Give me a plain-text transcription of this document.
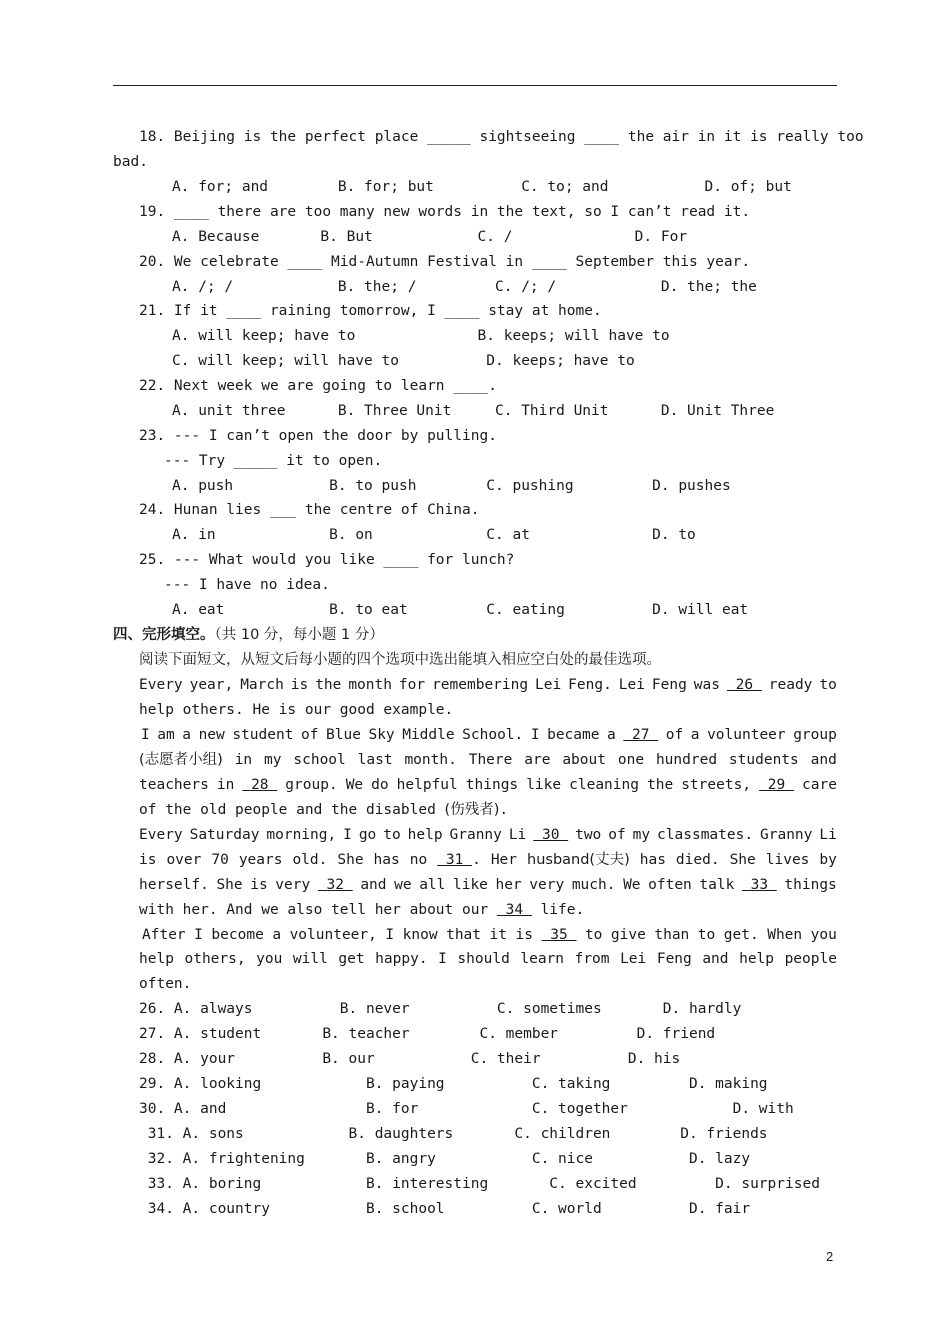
18. Beijing is the perfect place _____ sightseeing ____ the air in it is really too
bad.
A. for; and        B. for; but          C. to; and           D. of; but
19. ____ there are too many new words in the text, so I can’t read it.
A. Because       B. But            C. /              D. For
20. We celebrate ____ Mid-Autumn Festival in ____ September this year.
A. /; /            B. the; /         C. /; /            D. the; the
21. If it ____ raining tomorrow, I ____ stay at home.
A. will keep; have to              B. keeps; will have to
C. will keep; will have to          D. keeps; have to
22. Next week we are going to learn ____.
A. unit three      B. Three Unit     C. Third Unit      D. Unit Three
23. --- I can’t open the door by pulling.
--- Try _____ it to open.
A. push           B. to push        C. pushing         D. pushes
24. Hunan lies ___ the centre of China.
A. in             B. on             C. at              D. to
25. --- What would you like ____ for lunch?
--- I have no idea.
A. eat            B. to eat         C. eating          D. will eat
四、完形填空。（共 10 分，每小题 1 分）
阅读下面短文，从短文后每小题的四个选项中选出能填入相应空白处的最佳选项。
Every year, March is the month for remembering Lei Feng. Lei Feng was 26 ready to
help others. He is our good example.
I am a new student of Blue Sky Middle School. I became a 27 of a volunteer group
(志愿者小组) in my school last month. There are about one hundred students and
teachers in 28 group. We do helpful things like cleaning the streets, 29 care
of the old people and the disabled (伤残者).
Every Saturday morning, I go to help Granny Li 30 two of my classmates. Granny Li
is over 70 years old. She has no 31 . Her husband(丈夫) has died. She lives by
herself. She is very 32 and we all like her very much. We often talk 33 things
with her. And we also tell her about our  34  life.
After I become a volunteer, I know that it is 35 to give than to get. When you
help others, you will get happy. I should learn from Lei Feng and help people
often.
26. A. always          B. never          C. sometimes       D. hardly
27. A. student       B. teacher        C. member         D. friend
28. A. your          B. our           C. their          D. his
29. A. looking            B. paying          C. taking         D. making
30. A. and                B. for             C. together            D. with
31. A. sons            B. daughters       C. children        D. friends
32. A. frightening       B. angry           C. nice           D. lazy
33. A. boring            B. interesting       C. excited         D. surprised
34. A. country           B. school          C. world          D. fair
2
